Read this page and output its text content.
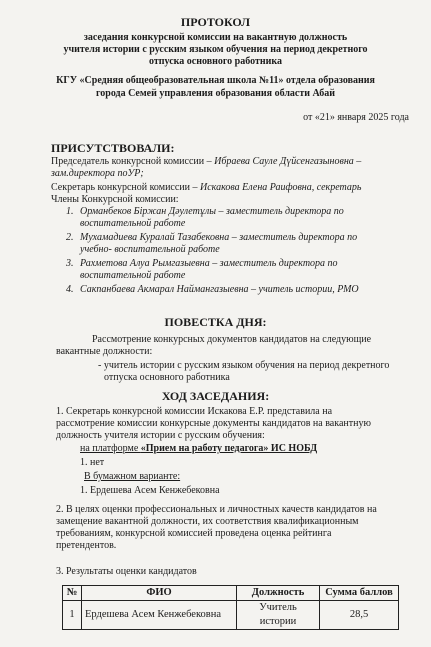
ПРОТОКОЛ
заседания конкурсной комиссии на вакантную должность
учителя истории с русским языком обучения на период декретного
отпуска основного работника
КГУ «Средняя общеобразовательная школа №11» отдела образования
города Семей управления образования области Абай
от «21» января 2025 года
ПРИСУТСТВОВАЛИ:
Председатель конкурсной комиссии – Ибраева Сауле Дүйсенгазыновна –
зам.директора поУР;
Секретарь конкурсной комиссии – Искакова Елена Раифовна, секретарь
Члены Конкурсной комиссии:
1. Орманбеков Біржан Дәулетұлы – заместитель директора по
воспитательной работе
2. Мухамадиева Куралай Тазабековна – заместитель директора по
учебно- воспитательной работе
3. Рахметова Алуа Рымгазыевна – заместитель директора по
воспитательной работе
4. Сакпанбаева Акмарал Наймангазыевна – учитель истории, РМО
ПОВЕСТКА ДНЯ:
Рассмотрение конкурсных документов кандидатов на следующие
вакантные должности:
- учитель истории с русским языком обучения на период декретного
отпуска основного работника
ХОД ЗАСЕДАНИЯ:
1. Секретарь конкурсной комиссии Искакова Е.Р. представила на
рассмотрение комиссии конкурсные документы кандидатов на вакантную
должность учителя истории с русским обучения:
на платформе «Прием на работу педагога» ИС НОБД
1. нет
В бумажном варианте:
1. Ердешева Асем Кенжебековна
2. В целях оценки профессиональных и личностных качеств кандидатов на
замещение вакантной должности, их соответствия квалификационным
требованиям, конкурсной комиссией проведена оценка рейтинга
претендентов.
3. Результаты оценки кандидатов
№	ФИО	Должность	Сумма баллов
1	Ердешева Асем Кенжебековна	Учитель истории	28,5
